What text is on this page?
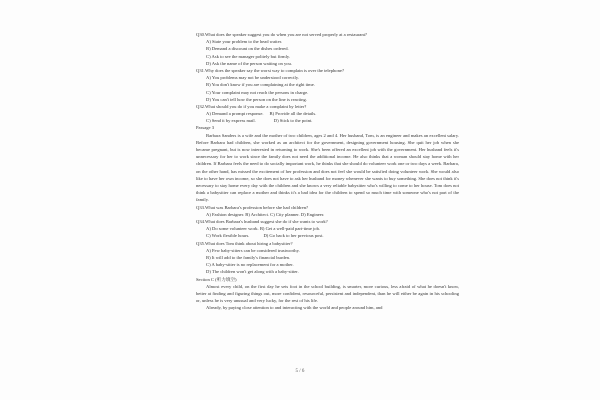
Q30.What does the speaker suggest you do when you are not served properly at a restaurant?
A) State your problem to the head waiter.
B) Demand a discount on the dishes ordered.
C) Ask to see the manager politely but firmly.
D) Ask the name of the person waiting on you.
Q31.Why does the speaker say the worst way to complain is over the telephone?
A) You problems may not be understood correctly.
B) You don't know if you are complaining at the right time.
C) Your complaint may not reach the persons in charge.
D) You can't tell how the person on the line is reacting.
Q32.What should you do if you make a complaint by letter?
A) Demand a prompt response. B) Provide all the details.
C) Send it by express mail.	D) Stick to the point.
Passage 3
Barbara Sanders is a wife and the mother of two children, ages 2 and 4. Her husband, Tom, is an engineer and makes an excellent salary. Before Barbara had children, she worked as an architect for the government, designing government housing. She quit her job when she became pregnant, but is now interested in returning to work. She's been offered an excellent job with the government. Her husband feels it's unnecessary for her to work since the family does not need the additional income. He also thinks that a woman should stay home with her children. If Barbara feels the need to do socially important work, he thinks that she should do volunteer work one or two days a week. Barbara, on the other hand, has missed the excitement of her profession and does not feel she would be satisfied doing volunteer work. She would also like to have her own income, so she does not have to ask her husband for money whenever she wants to buy something. She does not think it's necessary to stay home every day with the children and she knows a very reliable babysitter who's willing to come to her house. Tom does not think a babysitter can replace a mother and thinks it's a bad idea for the children to spend so much time with someone who's not part of the family.
Q33.What was Barbara's profession before she had children?
A) Fashion designer. B) Architect. C) City planner. D) Engineer.
Q34.What does Barbara's husband suggest she do if she wants to work?
A) Do some volunteer work. B) Get a well-paid part-time job.
C) Work flexible hours.	D) Go back to her previous post.
Q35.What does Tom think about hiring a babysitter?
A) Few baby-sitters can be considered trustworthy.
B) It will add to the family's financial burden.
C) A baby-sitter is no replacement for a mother.
D) The children won't get along with a baby-sitter.
Section C (听力填空)
Almost every child, on the first day he sets foot in the school building, is smarter, more curious, less afraid of what he doesn't know, better at finding and figuring things out, more confident, resourceful, persistent and independent, than he will either be again in his schooling or, unless he is very unusual and very lucky, for the rest of his life.
Already, by paying close attention to and interacting with the world and people around him, and
5 / 6
